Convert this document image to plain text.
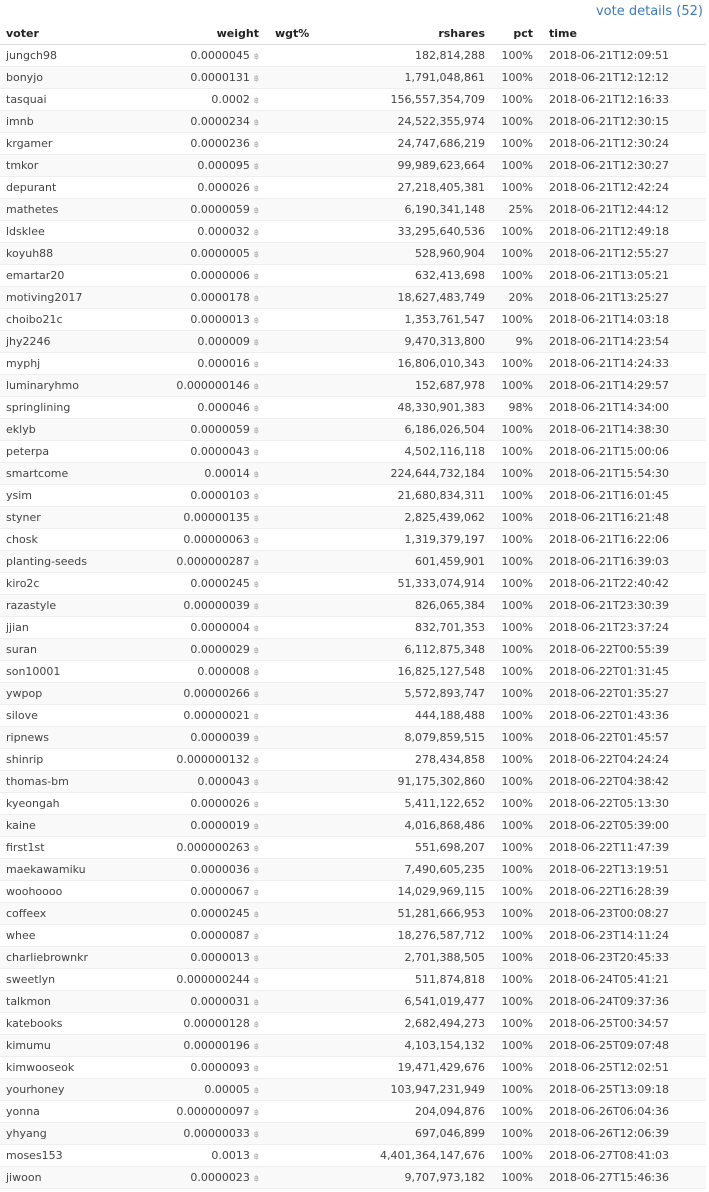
vote details (52)
voter	weight	wgt%	rshares	pct	time
jungch98	0.0000045 ฿		182,814,288	100%	2018-06-21T12:09:51
bonyjo	0.0000131 ฿		1,791,048,861	100%	2018-06-21T12:12:12
tasquai	0.0002 ฿		156,557,354,709	100%	2018-06-21T12:16:33
imnb	0.0000234 ฿		24,522,355,974	100%	2018-06-21T12:30:15
krgamer	0.0000236 ฿		24,747,686,219	100%	2018-06-21T12:30:24
tmkor	0.000095 ฿		99,989,623,664	100%	2018-06-21T12:30:27
depurant	0.000026 ฿		27,218,405,381	100%	2018-06-21T12:42:24
mathetes	0.0000059 ฿		6,190,341,148	25%	2018-06-21T12:44:12
ldsklee	0.000032 ฿		33,295,640,536	100%	2018-06-21T12:49:18
koyuh88	0.0000005 ฿		528,960,904	100%	2018-06-21T12:55:27
emartar20	0.0000006 ฿		632,413,698	100%	2018-06-21T13:05:21
motiving2017	0.0000178 ฿		18,627,483,749	20%	2018-06-21T13:25:27
choibo21c	0.0000013 ฿		1,353,761,547	100%	2018-06-21T14:03:18
jhy2246	0.000009 ฿		9,470,313,800	9%	2018-06-21T14:23:54
myphj	0.000016 ฿		16,806,010,343	100%	2018-06-21T14:24:33
luminaryhmo	0.000000146 ฿		152,687,978	100%	2018-06-21T14:29:57
springlining	0.000046 ฿		48,330,901,383	98%	2018-06-21T14:34:00
eklyb	0.0000059 ฿		6,186,026,504	100%	2018-06-21T14:38:30
peterpa	0.0000043 ฿		4,502,116,118	100%	2018-06-21T15:00:06
smartcome	0.00014 ฿		224,644,732,184	100%	2018-06-21T15:54:30
ysim	0.0000103 ฿		21,680,834,311	100%	2018-06-21T16:01:45
styner	0.00000135 ฿		2,825,439,062	100%	2018-06-21T16:21:48
chosk	0.00000063 ฿		1,319,379,197	100%	2018-06-21T16:22:06
planting-seeds	0.000000287 ฿		601,459,901	100%	2018-06-21T16:39:03
kiro2c	0.0000245 ฿		51,333,074,914	100%	2018-06-21T22:40:42
razastyle	0.00000039 ฿		826,065,384	100%	2018-06-21T23:30:39
jjian	0.0000004 ฿		832,701,353	100%	2018-06-21T23:37:24
suran	0.0000029 ฿		6,112,875,348	100%	2018-06-22T00:55:39
son10001	0.000008 ฿		16,825,127,548	100%	2018-06-22T01:31:45
ywpop	0.00000266 ฿		5,572,893,747	100%	2018-06-22T01:35:27
silove	0.00000021 ฿		444,188,488	100%	2018-06-22T01:43:36
ripnews	0.0000039 ฿		8,079,859,515	100%	2018-06-22T01:45:57
shinrip	0.000000132 ฿		278,434,858	100%	2018-06-22T04:24:24
thomas-bm	0.000043 ฿		91,175,302,860	100%	2018-06-22T04:38:42
kyeongah	0.0000026 ฿		5,411,122,652	100%	2018-06-22T05:13:30
kaine	0.0000019 ฿		4,016,868,486	100%	2018-06-22T05:39:00
first1st	0.000000263 ฿		551,698,207	100%	2018-06-22T11:47:39
maekawamiku	0.0000036 ฿		7,490,605,235	100%	2018-06-22T13:19:51
woohoooo	0.0000067 ฿		14,029,969,115	100%	2018-06-22T16:28:39
coffeex	0.0000245 ฿		51,281,666,953	100%	2018-06-23T00:08:27
whee	0.0000087 ฿		18,276,587,712	100%	2018-06-23T14:11:24
charliebrownkr	0.0000013 ฿		2,701,388,505	100%	2018-06-23T20:45:33
sweetlyn	0.000000244 ฿		511,874,818	100%	2018-06-24T05:41:21
talkmon	0.0000031 ฿		6,541,019,477	100%	2018-06-24T09:37:36
katebooks	0.00000128 ฿		2,682,494,273	100%	2018-06-25T00:34:57
kimumu	0.00000196 ฿		4,103,154,132	100%	2018-06-25T09:07:48
kimwooseok	0.0000093 ฿		19,471,429,676	100%	2018-06-25T12:02:51
yourhoney	0.00005 ฿		103,947,231,949	100%	2018-06-25T13:09:18
yonna	0.000000097 ฿		204,094,876	100%	2018-06-26T06:04:36
yhyang	0.00000033 ฿		697,046,899	100%	2018-06-26T12:06:39
moses153	0.0013 ฿		4,401,364,147,676	100%	2018-06-27T08:41:03
jiwoon	0.0000023 ฿		9,707,973,182	100%	2018-06-27T15:46:36
